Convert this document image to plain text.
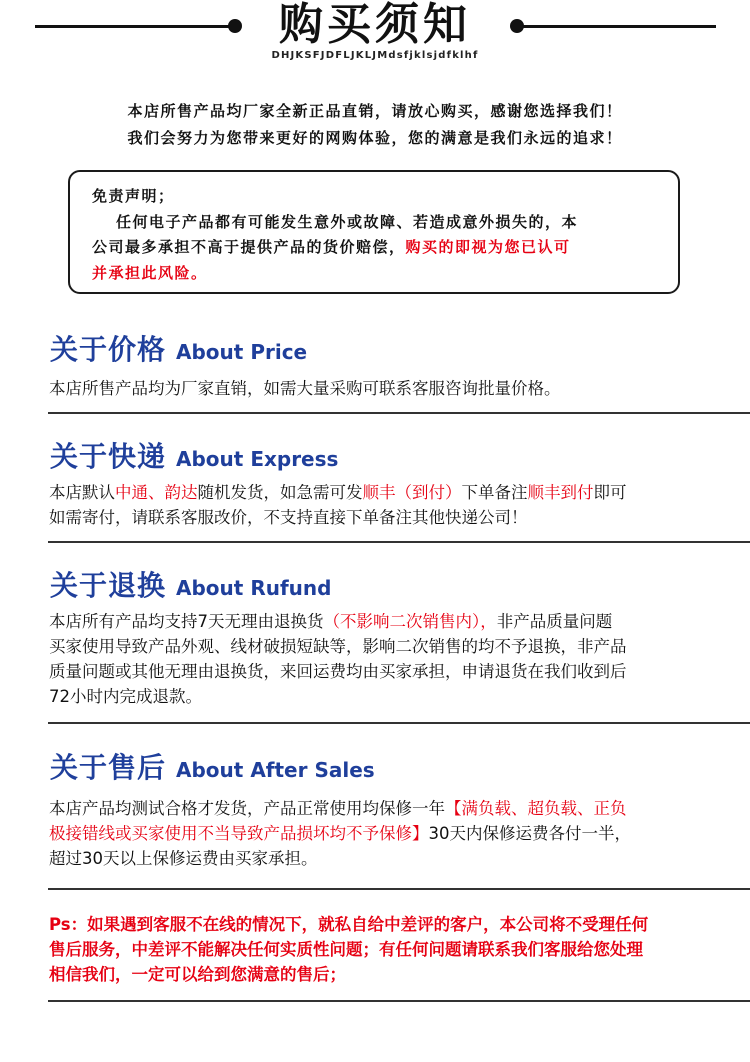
购买须知
DHJKSFJDFLJKLJMdsfjklsjdfklhf
本店所售产品均厂家全新正品直销，请放心购买，感谢您选择我们！
我们会努力为您带来更好的网购体验，您的满意是我们永远的追求！
免责声明；
任何电子产品都有可能发生意外或故障、若造成意外损失的，本
公司最多承担不高于提供产品的货价赔偿，购买的即视为您已认可
并承担此风险。
关于价格 About Price
本店所售产品均为厂家直销，如需大量采购可联系客服咨询批量价格。
关于快递 About Express
本店默认中通、韵达随机发货，如急需可发顺丰（到付）下单备注顺丰到付即可
如需寄付，请联系客服改价，不支持直接下单备注其他快递公司！
关于退换 About Rufund
本店所有产品均支持7天无理由退换货（不影响二次销售内），非产品质量问题
买家使用导致产品外观、线材破损短缺等，影响二次销售的均不予退换，非产品
质量问题或其他无理由退换货，来回运费均由买家承担，申请退货在我们收到后
72小时内完成退款。
关于售后 About After Sales
本店产品均测试合格才发货，产品正常使用均保修一年【满负载、超负载、正负
极接错线或买家使用不当导致产品损坏均不予保修】30天内保修运费各付一半，
超过30天以上保修运费由买家承担。
Ps：如果遇到客服不在线的情况下，就私自给中差评的客户，本公司将不受理任何
售后服务，中差评不能解决任何实质性问题；有任何问题请联系我们客服给您处理
相信我们，一定可以给到您满意的售后；
